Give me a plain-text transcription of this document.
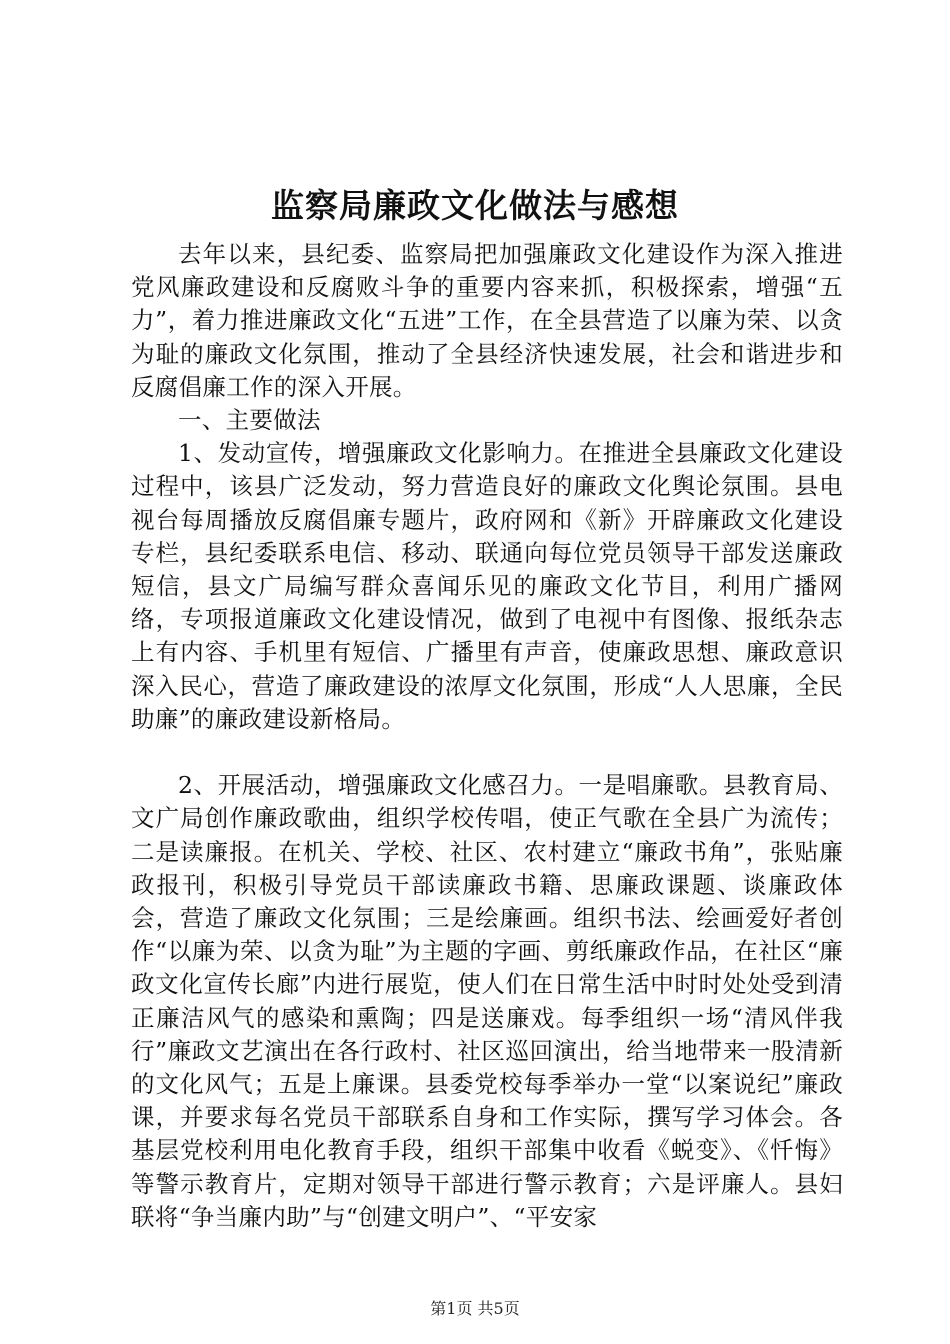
监察局廉政文化做法与感想

去年以来，县纪委、监察局把加强廉政文化建设作为深入推进党风廉政建设和反腐败斗争的重要内容来抓，积极探索，增强“五力”，着力推进廉政文化“五进”工作，在全县营造了以廉为荣、以贪为耻的廉政文化氛围，推动了全县经济快速发展，社会和谐进步和反腐倡廉工作的深入开展。

一、主要做法

1、发动宣传，增强廉政文化影响力。在推进全县廉政文化建设过程中，该县广泛发动，努力营造良好的廉政文化舆论氛围。县电视台每周播放反腐倡廉专题片，政府网和《新》开辟廉政文化建设专栏，县纪委联系电信、移动、联通向每位党员领导干部发送廉政短信，县文广局编写群众喜闻乐见的廉政文化节目，利用广播网络，专项报道廉政文化建设情况，做到了电视中有图像、报纸杂志上有内容、手机里有短信、广播里有声音，使廉政思想、廉政意识深入民心，营造了廉政建设的浓厚文化氛围，形成“人人思廉，全民助廉”的廉政建设新格局。

2、开展活动，增强廉政文化感召力。一是唱廉歌。县教育局、文广局创作廉政歌曲，组织学校传唱，使正气歌在全县广为流传；二是读廉报。在机关、学校、社区、农村建立“廉政书角”，张贴廉政报刊，积极引导党员干部读廉政书籍、思廉政课题、谈廉政体会，营造了廉政文化氛围；三是绘廉画。组织书法、绘画爱好者创作“以廉为荣、以贪为耻”为主题的字画、剪纸廉政作品，在社区“廉政文化宣传长廊”内进行展览，使人们在日常生活中时时处处受到清正廉洁风气的感染和熏陶；四是送廉戏。每季组织一场“清风伴我行”廉政文艺演出在各行政村、社区巡回演出，给当地带来一股清新的文化风气；五是上廉课。县委党校每季举办一堂“以案说纪”廉政课，并要求每名党员干部联系自身和工作实际，撰写学习体会。各基层党校利用电化教育手段，组织干部集中收看《蜕变》、《忏悔》等警示教育片，定期对领导干部进行警示教育；六是评廉人。县妇联将“争当廉内助”与“创建文明户”、“平安家

第1页 共5页
